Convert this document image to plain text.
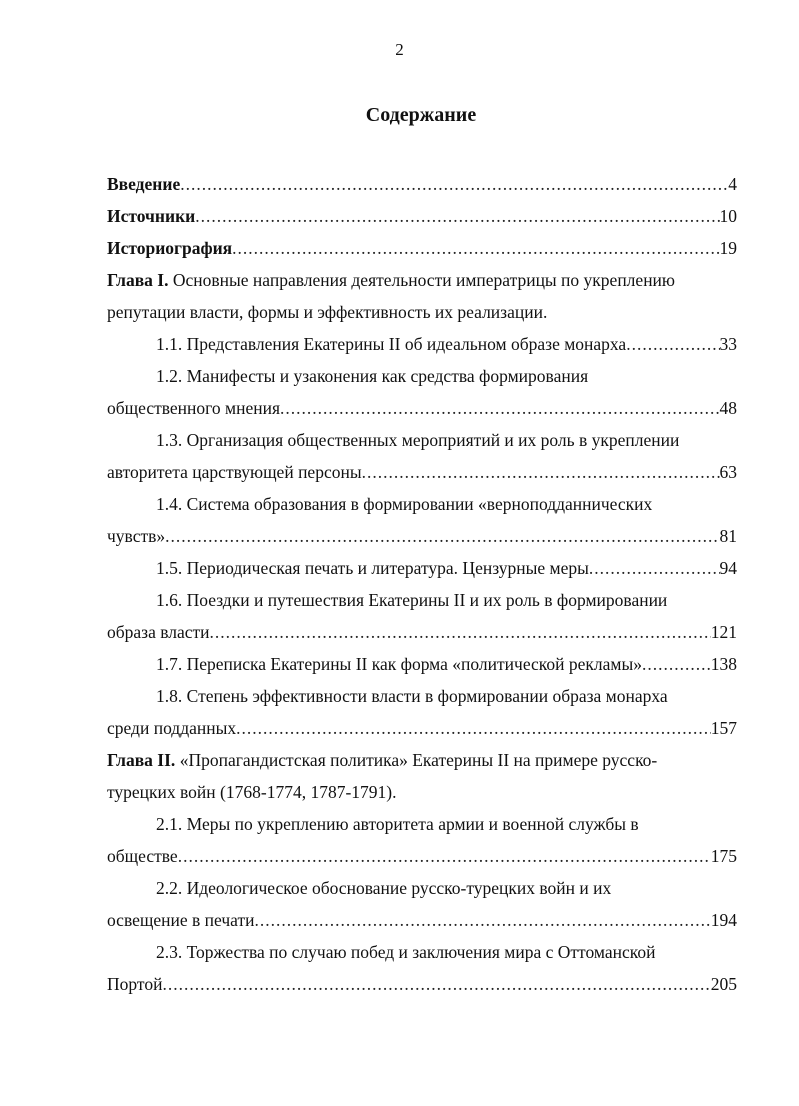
2
Содержание
Введение .....	4
Источники .....	10
Историография .....	19
Глава I. Основные направления деятельности императрицы по укреплению
репутации власти, формы и эффективность их реализации.
1.1. Представления Екатерины II об идеальном образе монарха .....	33
1.2. Манифесты и узаконения как средства формирования
общественного мнения .....	48
1.3. Организация общественных мероприятий и их роль в укреплении
авторитета царствующей персоны .....	63
1.4. Система образования в формировании «верноподданнических
чувств» .....	81
1.5. Периодическая печать и литература. Цензурные меры .....	94
1.6. Поездки и путешествия Екатерины II и их роль в формировании
образа власти .....	121
1.7. Переписка Екатерины II как форма «политической рекламы» .....	138
1.8. Степень эффективности власти в формировании образа монарха
среди подданных .....	157
Глава II. «Пропагандистская политика» Екатерины II на примере русско-
турецких войн (1768-1774, 1787-1791).
2.1. Меры по укреплению авторитета армии и военной службы в
обществе .....	175
2.2. Идеологическое обоснование русско-турецких войн и их
освещение в печати .....	194
2.3. Торжества по случаю побед и заключения мира с Оттоманской
Портой .....	205
